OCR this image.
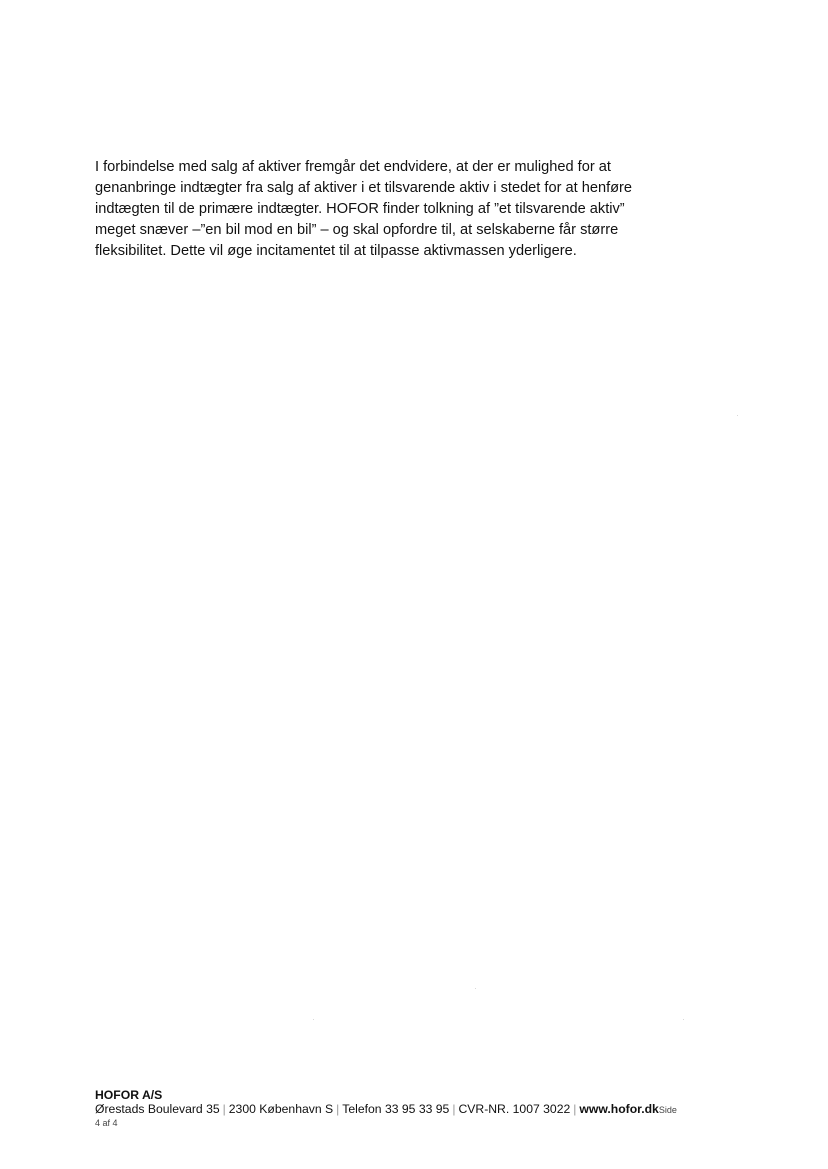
I forbindelse med salg af aktiver fremgår det endvidere, at der er mulighed for at
genanbringe indtægter fra salg af aktiver i et tilsvarende aktiv i stedet for at henføre
indtægten til de primære indtægter. HOFOR finder tolkning af ”et tilsvarende aktiv”
meget snæver –”en bil mod en bil” – og skal opfordre til, at selskaberne får større
fleksibilitet. Dette vil øge incitamentet til at tilpasse aktivmassen yderligere.
HOFOR A/S
Ørestads Boulevard 35 | 2300 København S | Telefon 33 95 33 95 | CVR-NR. 1007 3022 | www.hofor.dkSide
4 af 4
